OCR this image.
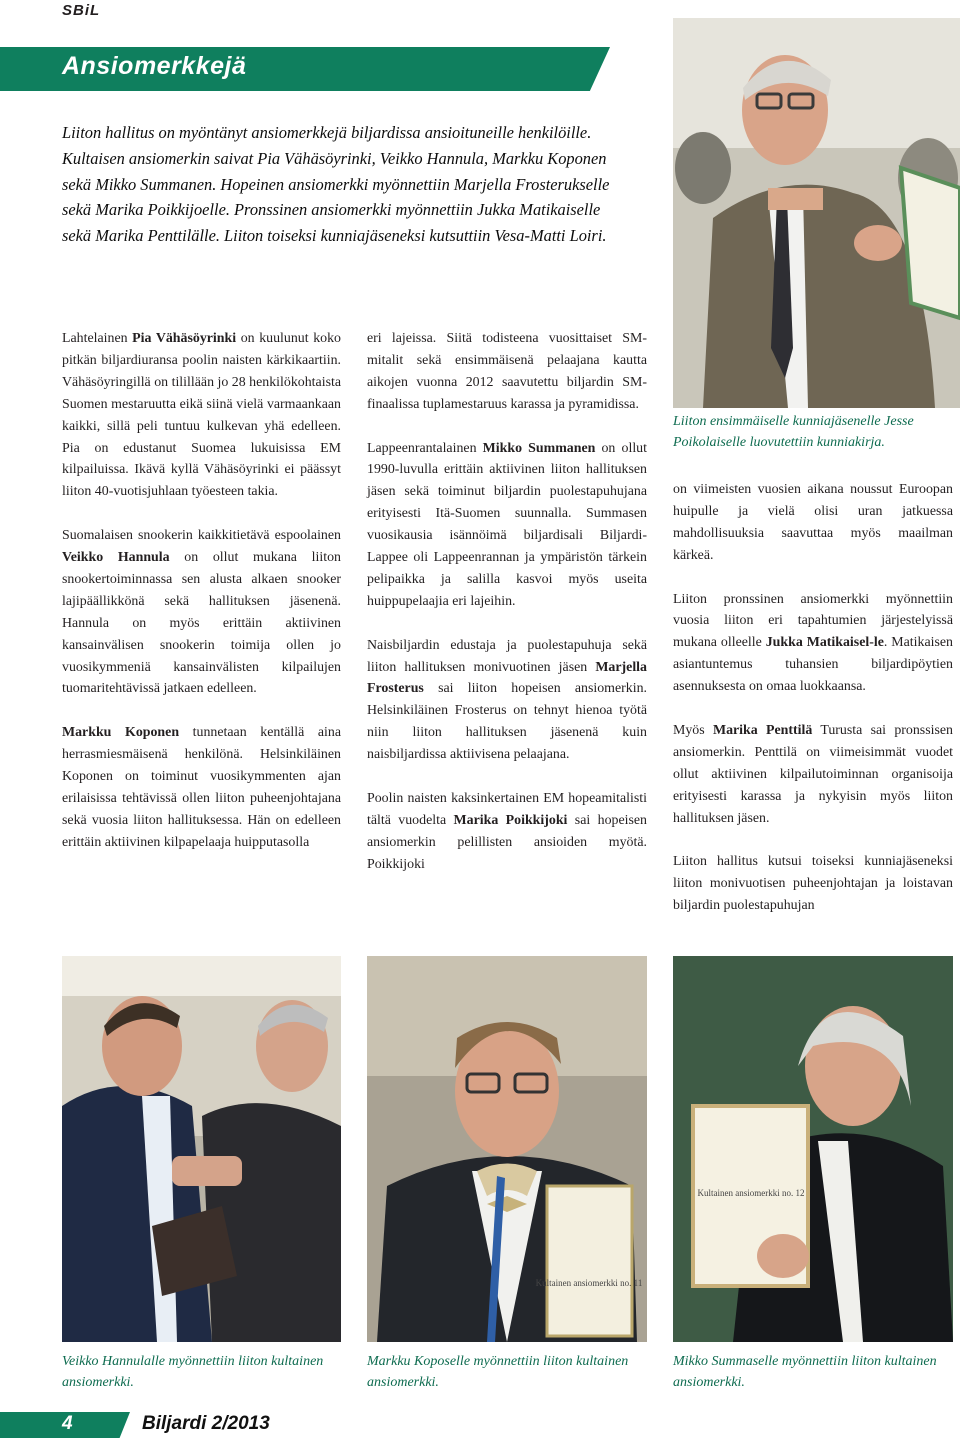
SBiL
Ansiomerkkejä

Liiton hallitus on myöntänyt ansiomerkkejä biljardissa ansioituneille henkilöille. Kultaisen ansiomerkin saivat Pia Vähäsöyrinki, Veikko Hannula, Markku Koponen sekä Mikko Summanen. Hopeinen ansiomerkki myönnettiin Marjella Frosterukselle sekä Marika Poikkijoelle. Pronssinen ansiomerkki myönnettiin Jukka Matikaiselle sekä Marika Penttilälle. Liiton toiseksi kunniajäseneksi kutsuttiin Vesa-Matti Loiri.

Lahtelainen Pia Vähäsöyrinki on kuulunut koko pitkän biljardiuransa poolin naisten kärkikaartiin. Vähäsöyringillä on tilillään jo 28 henkilökohtaista Suomen mestaruutta eikä siinä vielä varmaankaan kaikki, sillä peli tuntuu kulkevan yhä edelleen. Pia on edustanut Suomea lukuisissa EM kilpailuissa. Ikävä kyllä Vähäsöyrinki ei päässyt liiton 40-vuotisjuhlaan työesteen takia.

Suomalaisen snookerin kaikkitietävä espoolainen Veikko Hannula on ollut mukana liiton snookertoiminnassa sen alusta alkaen snooker lajipäällikkönä sekä hallituksen jäsenenä. Hannula on myös erittäin aktiivinen kansainvälisen snookerin toimija ollen jo vuosikymmeniä kansainvälisten kilpailujen tuomaritehtävissä jatkaen edelleen.

Markku Koponen tunnetaan kentällä aina herrasmiesmäisenä henkilönä. Helsinkiläinen Koponen on toiminut vuosikymmenten ajan erilaisissa tehtävissä ollen liiton puheenjohtajana sekä vuosia liiton hallituksessa. Hän on edelleen erittäin aktiivinen kilpapelaaja huipputasolla

eri lajeissa. Siitä todisteena vuosittaiset SM-mitalit sekä ensimmäisenä pelaajana kautta aikojen vuonna 2012 saavutettu biljardin SM-finaalissa tuplamestaruus karassa ja pyramidissa.

Lappeenrantalainen Mikko Summanen on ollut 1990-luvulla erittäin aktiivinen liiton hallituksen jäsen sekä toiminut biljardin puolestapuhujana erityisesti Itä-Suomen suunnalla. Summasen vuosikausia isännöimä biljardisali Biljardi-Lappee oli Lappeenrannan ja ympäristön tärkein pelipaikka ja salilla kasvoi myös useita huippupelaajia eri lajeihin.

Naisbiljardin edustaja ja puolestapuhuja sekä liiton hallituksen monivuotinen jäsen Marjella Frosterus sai liiton hopeisen ansiomerkin. Helsinkiläinen Frosterus on tehnyt hienoa työtä niin liiton hallituksen jäsenenä kuin naisbiljardissa aktiivisena pelaajana.

Poolin naisten kaksinkertainen EM hopeamitalisti tältä vuodelta Marika Poikkijoki sai hopeisen ansiomerkin pelillisten ansioiden myötä. Poikkijoki

on viimeisten vuosien aikana noussut Euroopan huipulle ja vielä olisi uran jatkuessa mahdollisuuksia saavuttaa myös maailman kärkeä.

Liiton pronssinen ansiomerkki myönnettiin vuosia liiton eri tapahtumien järjestelyissä mukana olleelle Jukka Matikaisel-le. Matikaisen asiantuntemus tuhansien biljardipöytien asennuksesta on omaa luokkaansa.

Myös Marika Penttilä Turusta sai pronssisen ansiomerkin. Penttilä on viimeisimmät vuodet ollut aktiivinen kilpailutoiminnan organisoija erityisesti karassa ja nykyisin myös liiton hallituksen jäsen.

Liiton hallitus kutsui toiseksi kunniajäseneksi liiton monivuotisen puheenjohtajan ja loistavan biljardin puolestapuhujan

Liiton ensimmäiselle kunniajäsenelle Jesse Poikolaiselle luovutettiin kunniakirja.

Veikko Hannulalle myönnettiin liiton kultainen ansiomerkki.

Kultainen ansiomerkki no. 11

Markku Koposelle myönnettiin liiton kultainen ansiomerkki.

Kultainen ansiomerkki no. 12

Mikko Summaselle myönnettiin liiton kultainen ansiomerkki.

4	Biljardi 2/2013
